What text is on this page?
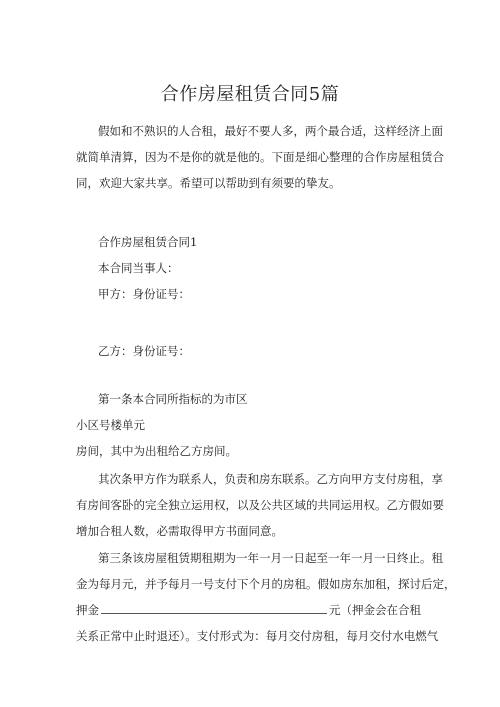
合作房屋租赁合同5篇
假如和不熟识的人合租，最好不要人多，两个最合适，这样经济上面
就简单清算，因为不是你的就是他的。下面是细心整理的合作房屋租赁合
同，欢迎大家共享。希望可以帮助到有须要的挚友。
合作房屋租赁合同1
本合同当事人：
甲方：身份证号：
乙方：身份证号：
第一条本合同所指标的为市区
小区号楼单元
房间，其中为出租给乙方房间。
其次条甲方作为联系人，负责和房东联系。乙方向甲方支付房租，享
有房间客卧的完全独立运用权，以及公共区域的共同运用权。乙方假如要
增加合租人数，必需取得甲方书面同意。
第三条该房屋租赁期租期为一年一月一日起至一年一月一日终止。租
金为每月元，并予每月一号支付下个月的房租。假如房东加租，探讨后定，
押金	元（押金会在合租
关系正常中止时退还）。支付形式为：每月交付房租，每月交付水电燃气
